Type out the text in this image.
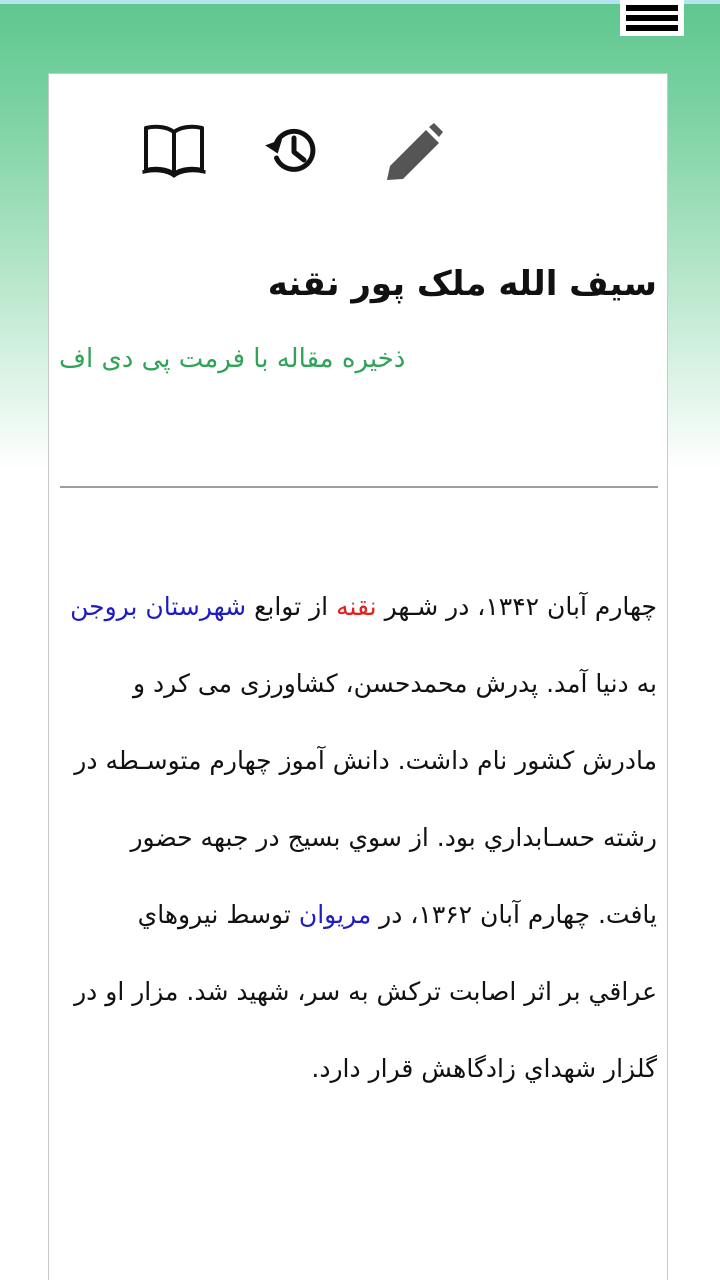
سیف الله ملک پور نقنه
ذخیره مقاله با فرمت پی دی اف

چهارم آبان ۱۳۴۲، در شـهر نقنه از توابع شهرستان بروجن به دنیا آمد. پدرش محمدحسن، کشاورزی می کرد و مادرش کشور نام داشت. دانش آموز چهارم متوسـطه در رشته حسـابداري بود. از سوي بسیج در جبهه حضور یافت. چهارم آبان ۱۳۶۲، در مریوان توسط نیروهاي عراقي بر اثر اصابت ترکش به سر، شهید شد. مزار او در گلزار شهداي زادگاهش قرار دارد.
